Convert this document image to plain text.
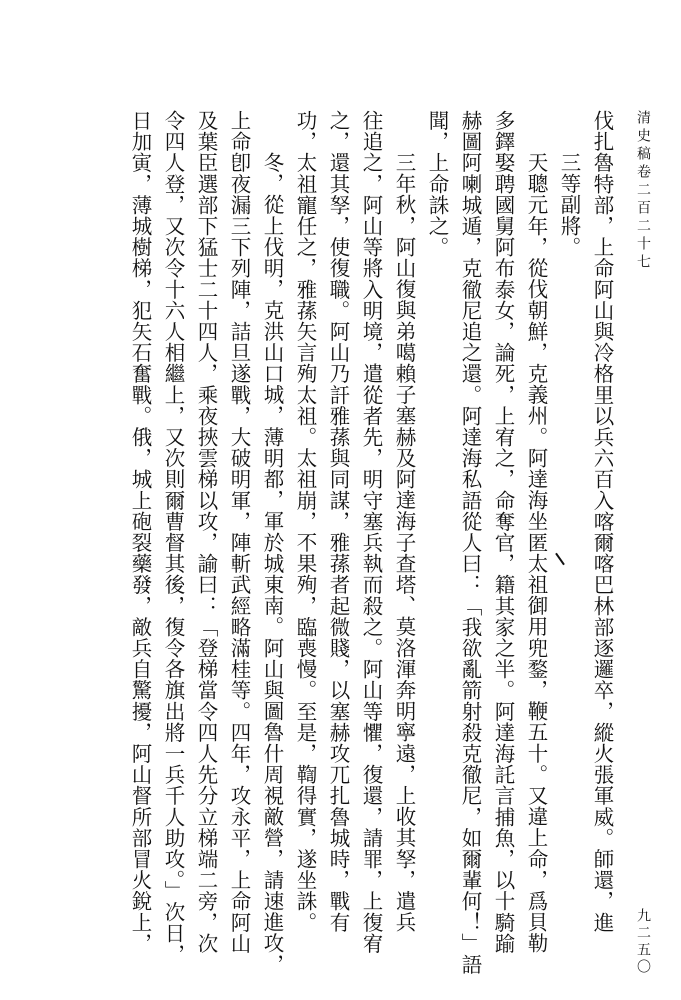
清史稿卷二百二十七
九二五〇
伐扎魯特部，上命阿山與冷格里以兵六百入喀爾喀巴林部逐邏卒，縱火張軍威。師還，進
三等副將。
天聰元年，從伐朝鮮，克義州。阿達海坐匿太祖御用兜鍪，鞭五十。又違上命，爲貝勒
多鐸娶聘國舅阿布泰女，論死，上宥之，命奪官，籍其家之半。阿達海託言捕魚，以十騎踰
赫圖阿喇城遁，克徹尼追之還。阿達海私語從人曰：「我欲亂箭射殺克徹尼，如爾輩何！」語
聞，上命誅之。
三年秋，阿山復與弟噶賴子塞赫及阿達海子查塔、莫洛渾奔明寧遠，上收其孥，遣兵
往追之，阿山等將入明境，遣從者先，明守塞兵執而殺之。阿山等懼，復還，請罪，上復宥
之，還其孥，使復職。阿山乃訐雅蓀與同謀，雅蓀者起微賤，以塞赫攻兀扎魯城時，戰有
功，太祖寵任之，雅蓀矢言殉太祖。太祖崩，不果殉，臨喪慢。至是，鞫得實，遂坐誅。
冬，從上伐明，克洪山口城，薄明都，軍於城東南。阿山與圖魯什周視敵營，請速進攻，
上命卽夜漏三下列陣，詰旦遂戰，大破明軍，陣斬武經略滿桂等。四年，攻永平，上命阿山
及葉臣選部下猛士二十四人，乘夜挾雲梯以攻，諭曰：「登梯當令四人先分立梯端二旁，次
令四人登，又次令十六人相繼上，又次則爾曹督其後，復令各旗出將一兵千人助攻。」次日，
日加寅，薄城樹梯，犯矢石奮戰。俄，城上砲裂藥發，敵兵自驚擾，阿山督所部冒火銳上，
